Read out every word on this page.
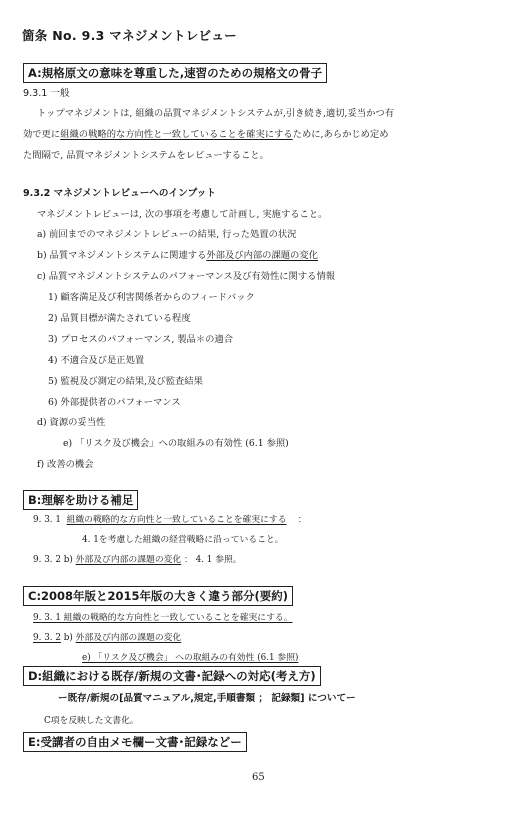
箇条 No. 9.3 マネジメントレビュー
A:規格原文の意味を尊重した,速習のための規格文の骨子
9.3.1 一般
トップマネジメントは, 組織の品質マネジメントシステムが,引き続き,適切,妥当かつ有
効で更に組織の戦略的な方向性と一致していることを確実にするために,あらかじめ定め
た間隔で, 品質マネジメントシステムをレビューすること。
9.3.2 マネジメントレビューへのインプット
マネジメントレビューは, 次の事項を考慮して計画し, 実施すること。
a) 前回までのマネジメントレビューの結果, 行った処置の状況
b) 品質マネジメントシステムに関連する外部及び内部の課題の変化
c) 品質マネジメントシステムのパフォーマンス及び有効性に関する情報
1) 顧客満足及び利害関係者からのフィードバック
2) 品質目標が満たされている程度
3) プロセスのパフォーマンス, 製品＊の適合
4) 不適合及び是正処置
5) 監視及び測定の結果,及び監査結果
6) 外部提供者のパフォーマンス
d) 資源の妥当性
e) 「リスク及び機会」への取組みの有効性 (6.1 参照)
f) 改善の機会
B:理解を助ける補足
9. 3. 1 組織の戦略的な方向性と一致していることを確実にする ：
4. 1を考慮した組織の経営戦略に沿っていること。
9. 3. 2 b) 外部及び内部の課題の変化 ： 4. 1 参照。
C:2008年版と2015年版の大きく違う部分(要約)
9. 3. 1 組織の戦略的な方向性と一致していることを確実にする。
9. 3. 2 b) 外部及び内部の課題の変化
e) 「リスク及び機会」 への取組みの有効性 (6.1 参照)
D:組織における既存/新規の文書･記録への対応(考え方)
ー既存/新規の[品質マニュアル,規定,手順書類 ； 記録類] についてー
C項を反映した文書化。
E:受講者の自由メモ欄ー文書･記録などー
65
